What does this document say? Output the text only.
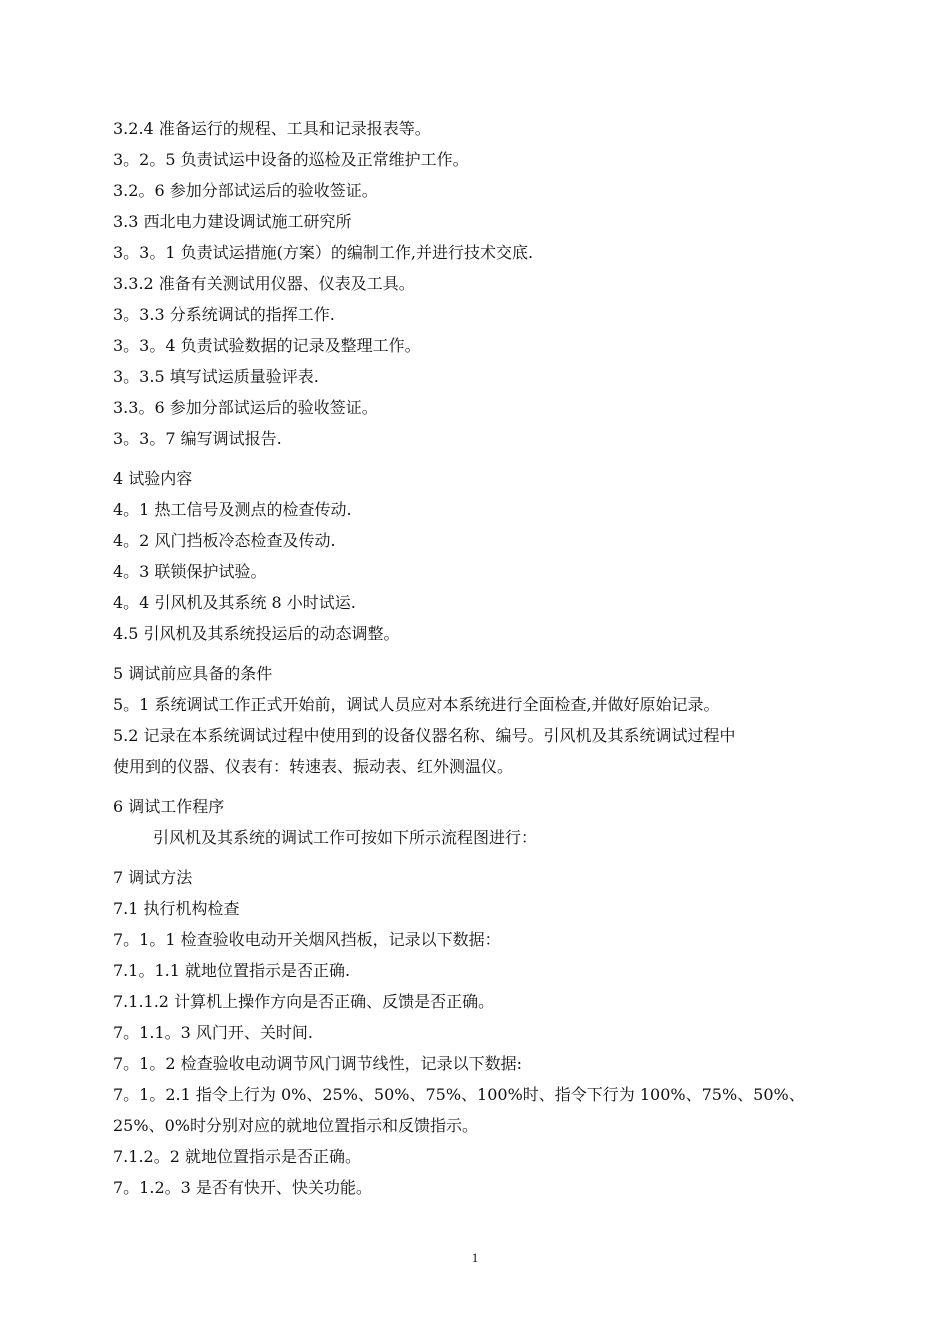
3.2.4 准备运行的规程、工具和记录报表等。
3。2。5 负责试运中设备的巡检及正常维护工作。
3.2。6 参加分部试运后的验收签证。
3.3 西北电力建设调试施工研究所
3。3。1 负责试运措施(方案）的编制工作,并进行技术交底.
3.3.2 准备有关测试用仪器、仪表及工具。
3。3.3 分系统调试的指挥工作.
3。3。4 负责试验数据的记录及整理工作。
3。3.5 填写试运质量验评表.
3.3。6 参加分部试运后的验收签证。
3。3。7 编写调试报告.
4 试验内容
4。1 热工信号及测点的检查传动.
4。2 风门挡板冷态检查及传动.
4。3 联锁保护试验。
4。4 引风机及其系统 8 小时试运.
4.5 引风机及其系统投运后的动态调整。
5 调试前应具备的条件
5。1 系统调试工作正式开始前，调试人员应对本系统进行全面检查,并做好原始记录。
5.2 记录在本系统调试过程中使用到的设备仪器名称、编号。引风机及其系统调试过程中
使用到的仪器、仪表有：转速表、振动表、红外测温仪。
6 调试工作程序
引风机及其系统的调试工作可按如下所示流程图进行：
7 调试方法
7.1 执行机构检查
7。1。1 检查验收电动开关烟风挡板，记录以下数据：
7.1。1.1 就地位置指示是否正确.
7.1.1.2 计算机上操作方向是否正确、反馈是否正确。
7。1.1。3 风门开、关时间.
7。1。2 检查验收电动调节风门调节线性，记录以下数据:
7。1。2.1 指令上行为 0%、25%、50%、75%、100%时、指令下行为 100%、75%、50%、
25%、0%时分别对应的就地位置指示和反馈指示。
7.1.2。2 就地位置指示是否正确。
7。1.2。3 是否有快开、快关功能。
1
